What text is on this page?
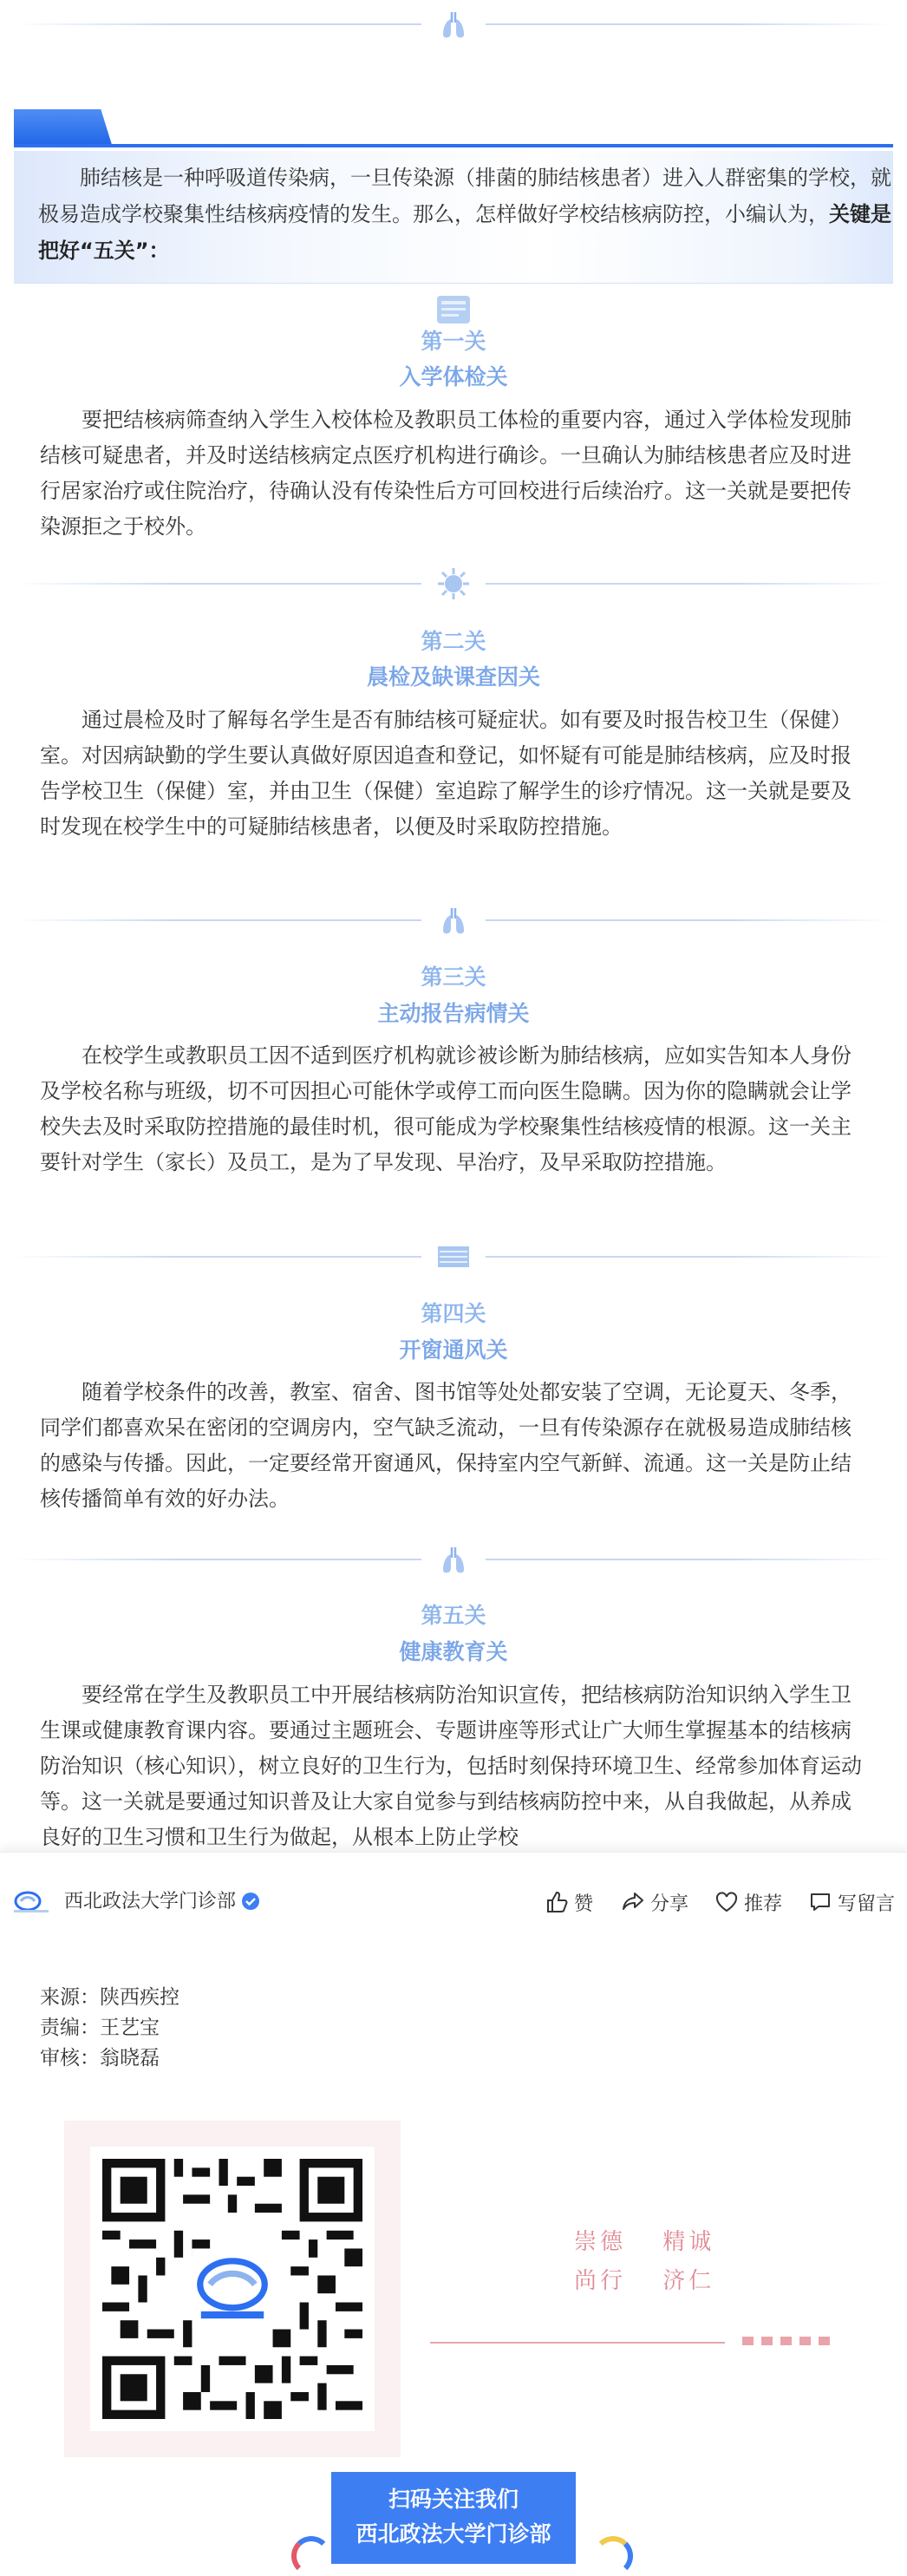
肺结核是一种呼吸道传染病，一旦传染源（排菌的肺结核患者）进入人群密集的学校，就极易造成学校聚集性结核病疫情的发生。那么，怎样做好学校结核病防控，小编认为，关键是把好“五关”：

第一关
入学体检关

要把结核病筛查纳入学生入校体检及教职员工体检的重要内容，通过入学体检发现肺结核可疑患者，并及时送结核病定点医疗机构进行确诊。一旦确认为肺结核患者应及时进行居家治疗或住院治疗，待确认没有传染性后方可回校进行后续治疗。这一关就是要把传染源拒之于校外。

第二关
晨检及缺课查因关

通过晨检及时了解每名学生是否有肺结核可疑症状。如有要及时报告校卫生（保健）室。对因病缺勤的学生要认真做好原因追查和登记，如怀疑有可能是肺结核病，应及时报告学校卫生（保健）室，并由卫生（保健）室追踪了解学生的诊疗情况。这一关就是要及时发现在校学生中的可疑肺结核患者，以便及时采取防控措施。

第三关
主动报告病情关

在校学生或教职员工因不适到医疗机构就诊被诊断为肺结核病，应如实告知本人身份及学校名称与班级，切不可因担心可能休学或停工而向医生隐瞒。因为你的隐瞒就会让学校失去及时采取防控措施的最佳时机，很可能成为学校聚集性结核疫情的根源。这一关主要针对学生（家长）及员工，是为了早发现、早治疗，及早采取防控措施。

第四关
开窗通风关

随着学校条件的改善，教室、宿舍、图书馆等处处都安装了空调，无论夏天、冬季，同学们都喜欢呆在密闭的空调房内，空气缺乏流动，一旦有传染源存在就极易造成肺结核的感染与传播。因此，一定要经常开窗通风，保持室内空气新鲜、流通。这一关是防止结核传播简单有效的好办法。

第五关
健康教育关

要经常在学生及教职员工中开展结核病防治知识宣传，把结核病防治知识纳入学生卫生课或健康教育课内容。要通过主题班会、专题讲座等形式让广大师生掌握基本的结核病防治知识（核心知识），树立良好的卫生行为，包括时刻保持环境卫生、经常参加体育运动等。这一关就是要通过知识普及让大家自觉参与到结核病防控中来，从自我做起，从养成良好的卫生习惯和卫生行为做起，从根本上防止学校

西北政法大学门诊部	赞	分享	推荐	写留言
来源：陕西疾控
责编：王艺宝
审核：翁晓磊
崇德　 精诚
尚行　 济仁
扫码关注我们
西北政法大学门诊部
